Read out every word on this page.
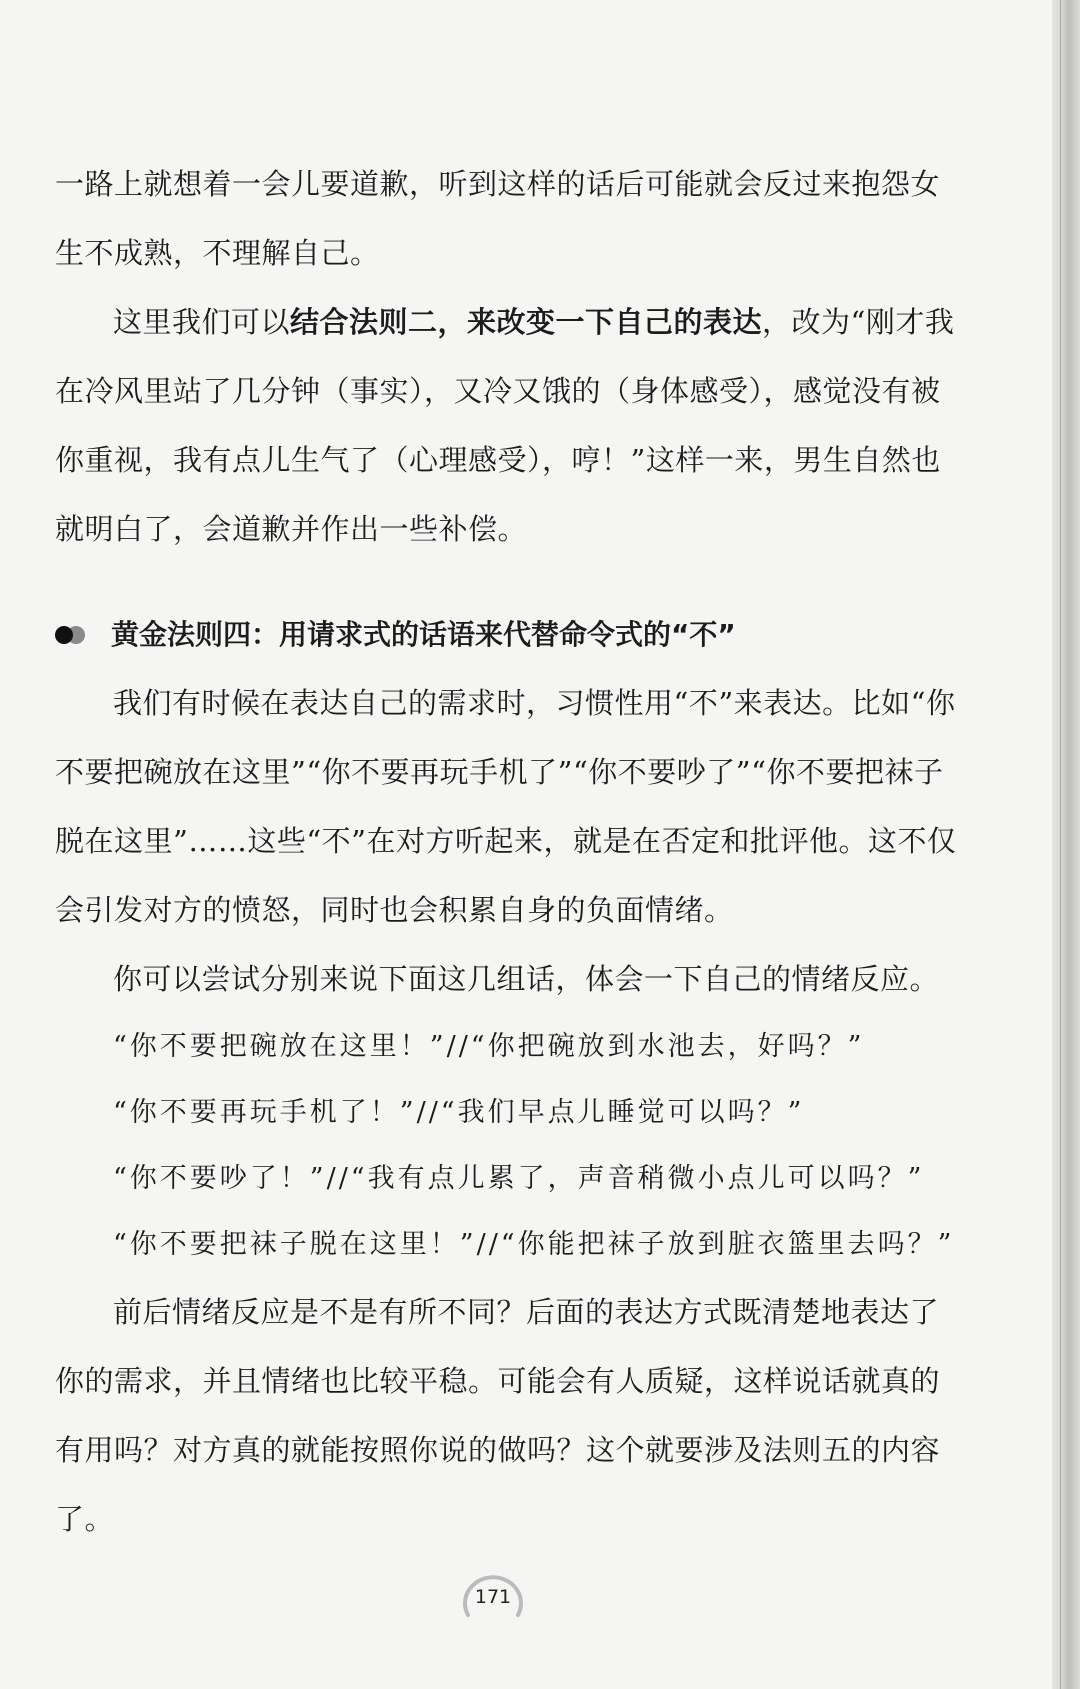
一路上就想着一会儿要道歉，听到这样的话后可能就会反过来抱怨女生不成熟，不理解自己。

这里我们可以结合法则二，来改变一下自己的表达，改为“刚才我在冷风里站了几分钟（事实），又冷又饿的（身体感受），感觉没有被你重视，我有点儿生气了（心理感受），哼！”这样一来，男生自然也就明白了，会道歉并作出一些补偿。

黄金法则四：用请求式的话语来代替命令式的“不”

我们有时候在表达自己的需求时，习惯性用“不”来表达。比如“你不要把碗放在这里”“你不要再玩手机了”“你不要吵了”“你不要把袜子脱在这里”……这些“不”在对方听起来，就是在否定和批评他。这不仅会引发对方的愤怒，同时也会积累自身的负面情绪。

你可以尝试分别来说下面这几组话，体会一下自己的情绪反应。

“你不要把碗放在这里！”//“你把碗放到水池去，好吗？”
“你不要再玩手机了！”//“我们早点儿睡觉可以吗？”
“你不要吵了！”//“我有点儿累了，声音稍微小点儿可以吗？”
“你不要把袜子脱在这里！”//“你能把袜子放到脏衣篮里去吗？”

前后情绪反应是不是有所不同？后面的表达方式既清楚地表达了你的需求，并且情绪也比较平稳。可能会有人质疑，这样说话就真的有用吗？对方真的就能按照你说的做吗？这个就要涉及法则五的内容了。

171
